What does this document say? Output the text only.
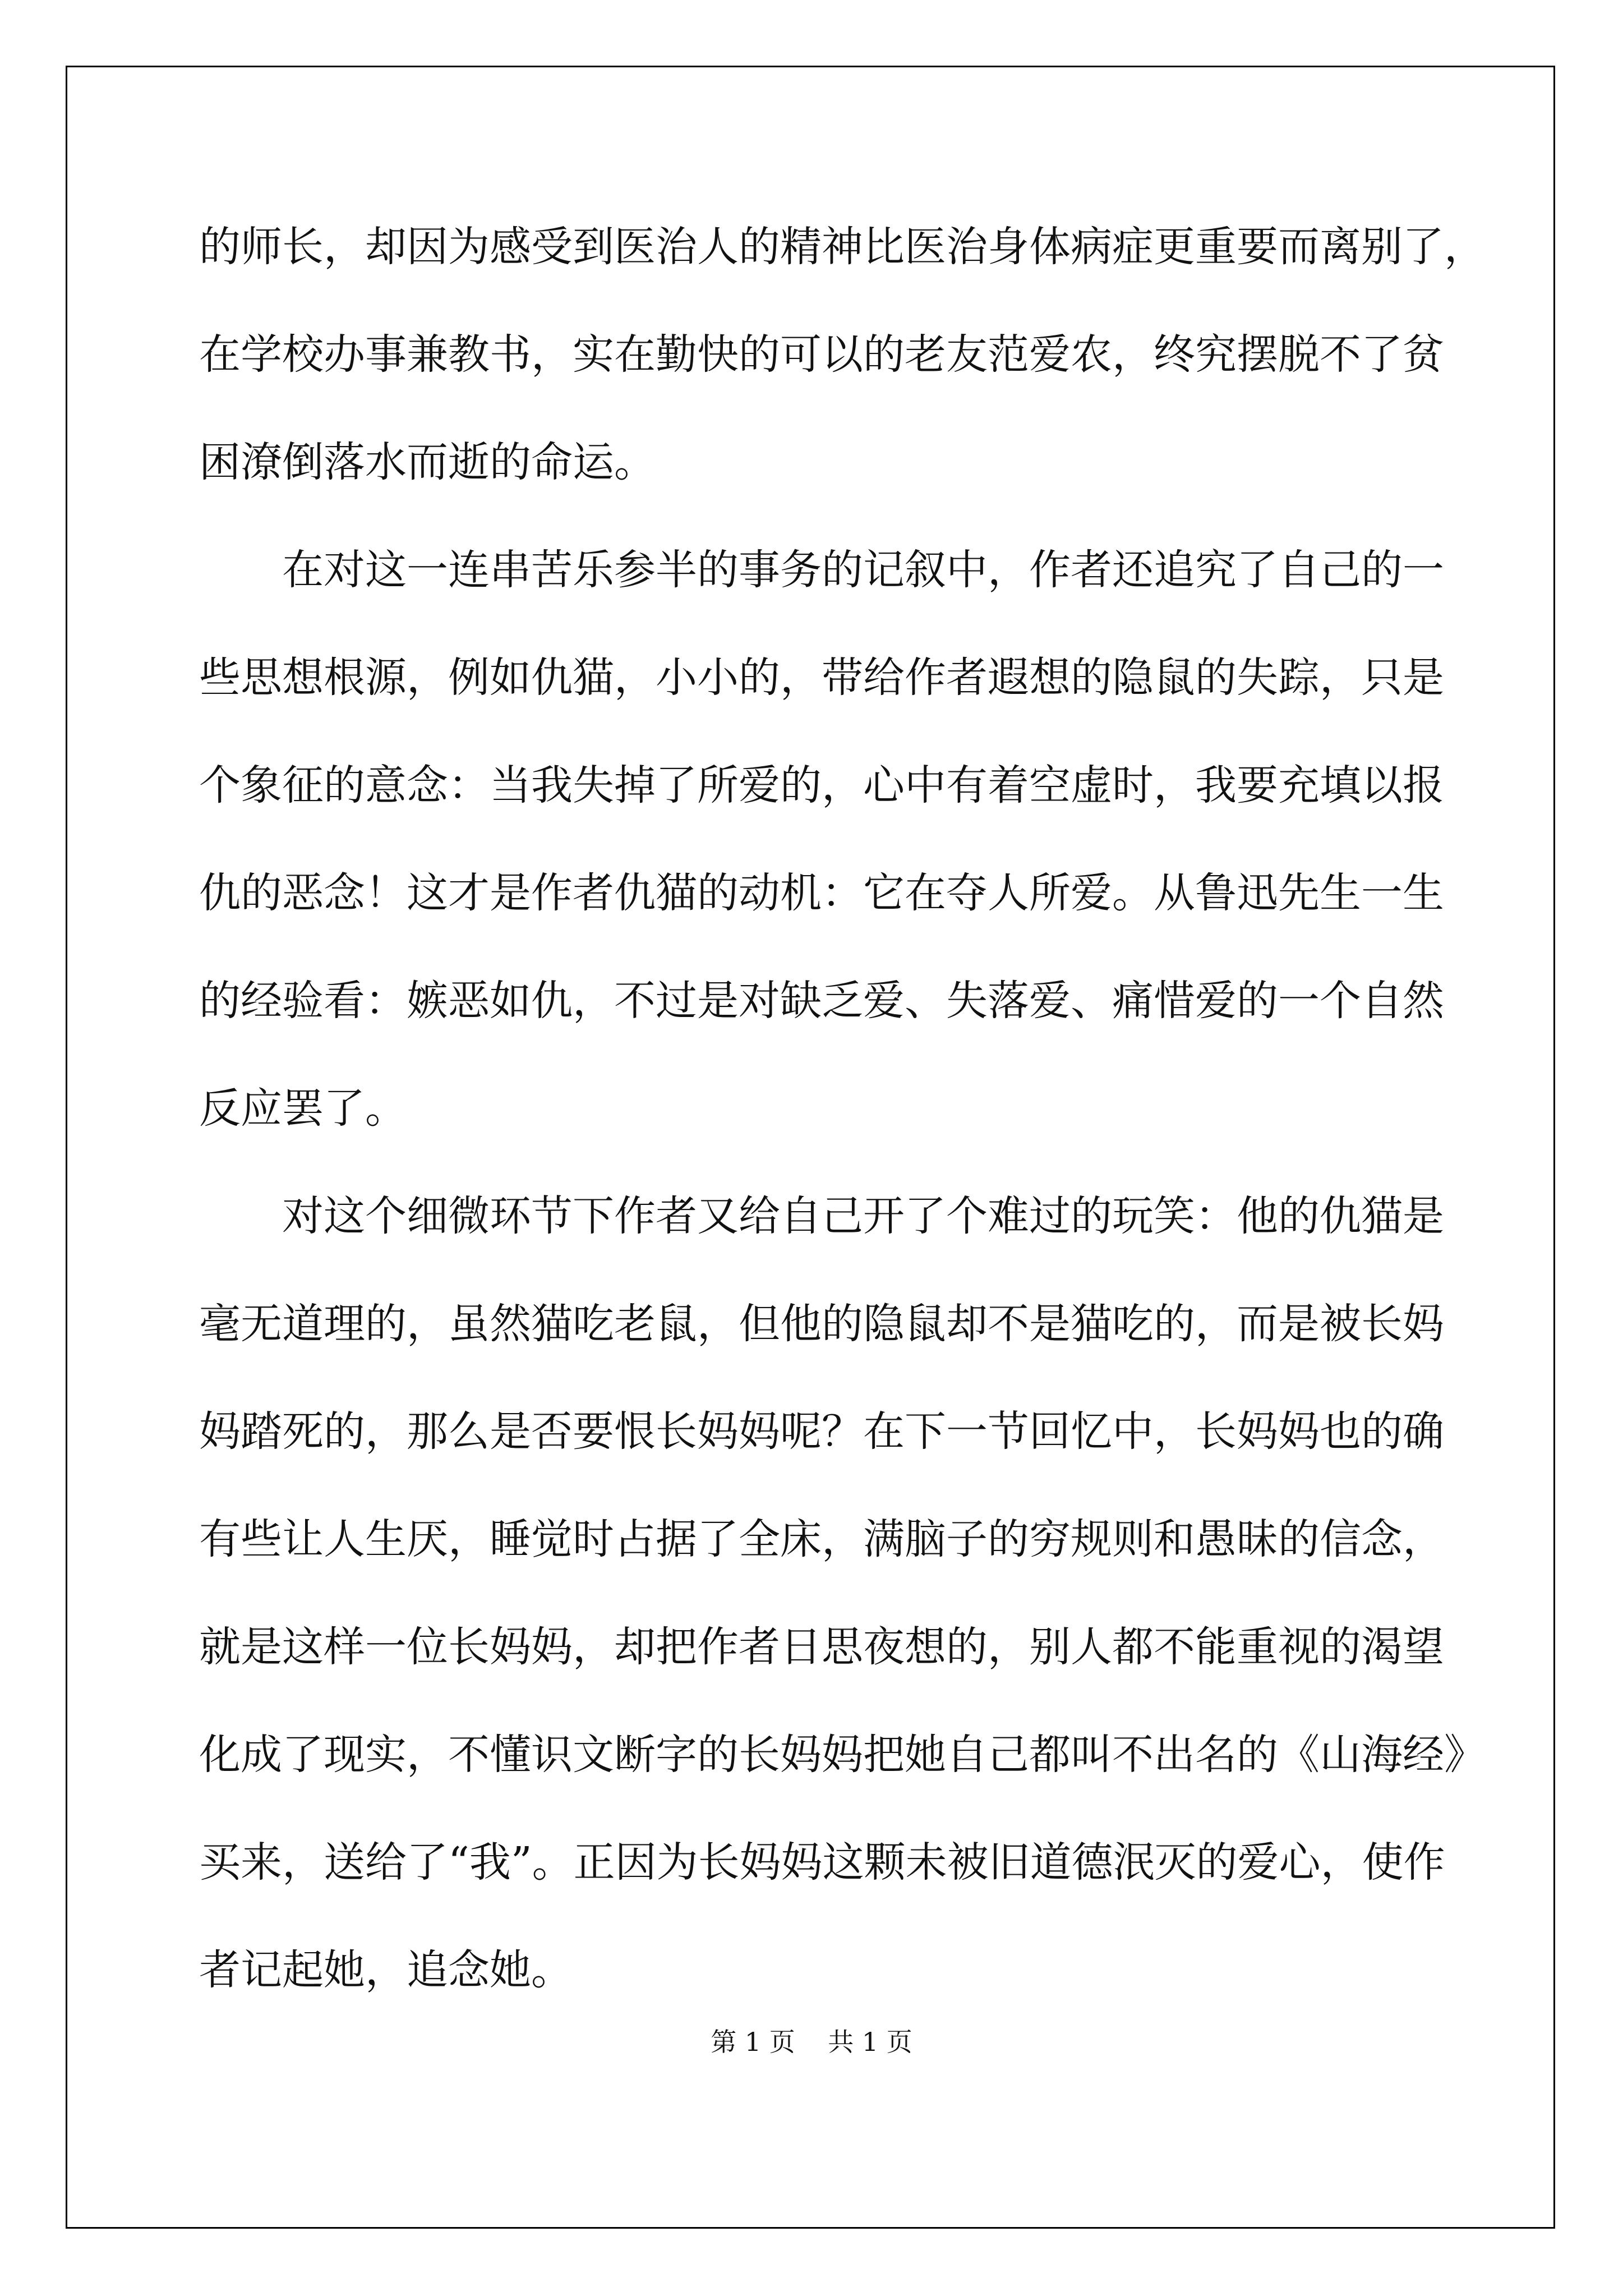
的师长，却因为感受到医治人的精神比医治身体病症更重要而离别了，
在学校办事兼教书，实在勤快的可以的老友范爱农，终究摆脱不了贫
困潦倒落水而逝的命运。
　　在对这一连串苦乐参半的事务的记叙中，作者还追究了自己的一
些思想根源，例如仇猫，小小的，带给作者遐想的隐鼠的失踪，只是
个象征的意念：当我失掉了所爱的，心中有着空虚时，我要充填以报
仇的恶念！这才是作者仇猫的动机：它在夺人所爱。从鲁迅先生一生
的经验看：嫉恶如仇，不过是对缺乏爱、失落爱、痛惜爱的一个自然
反应罢了。
　　对这个细微环节下作者又给自己开了个难过的玩笑：他的仇猫是
毫无道理的，虽然猫吃老鼠，但他的隐鼠却不是猫吃的，而是被长妈
妈踏死的，那么是否要恨长妈妈呢？在下一节回忆中，长妈妈也的确
有些让人生厌，睡觉时占据了全床，满脑子的穷规则和愚昧的信念，
就是这样一位长妈妈，却把作者日思夜想的，别人都不能重视的渴望
化成了现实，不懂识文断字的长妈妈把她自己都叫不出名的《山海经》
买来，送给了“我”。正因为长妈妈这颗未被旧道德泯灭的爱心，使作
者记起她，追念她。
第 1 页    共 1 页
